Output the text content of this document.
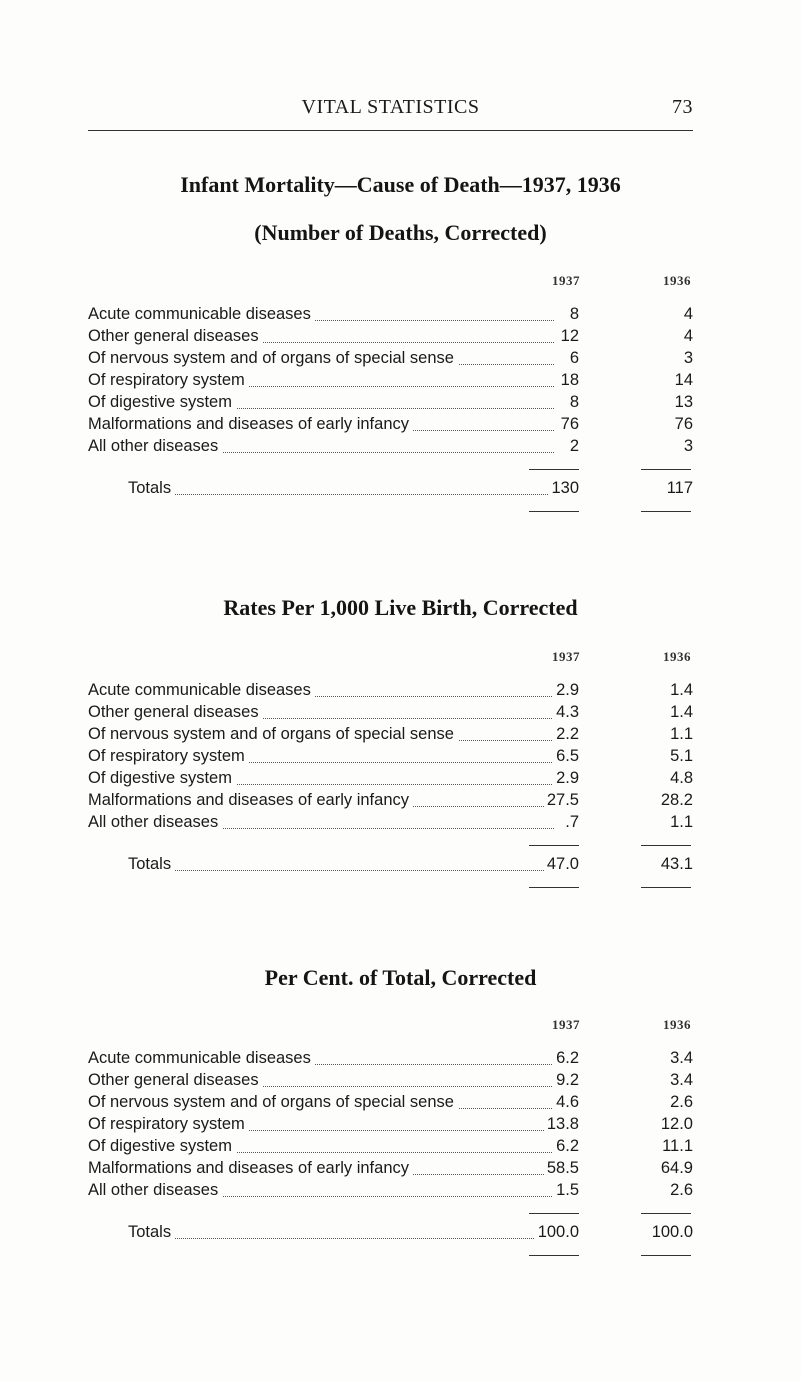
VITAL STATISTICS	73
Infant Mortality—Cause of Death—1937, 1936
(Number of Deaths, Corrected)
1937	1936
Acute communicable diseases	8	4
Other general diseases	12	4
Of nervous system and of organs of special sense	6	3
Of respiratory system	18	14
Of digestive system	8	13
Malformations and diseases of early infancy	76	76
All other diseases	2	3
Totals	130	117
Rates Per 1,000 Live Birth, Corrected
1937	1936
Acute communicable diseases	2.9	1.4
Other general diseases	4.3	1.4
Of nervous system and of organs of special sense	2.2	1.1
Of respiratory system	6.5	5.1
Of digestive system	2.9	4.8
Malformations and diseases of early infancy	27.5	28.2
All other diseases	.7	1.1
Totals	47.0	43.1
Per Cent. of Total, Corrected
1937	1936
Acute communicable diseases	6.2	3.4
Other general diseases	9.2	3.4
Of nervous system and of organs of special sense	4.6	2.6
Of respiratory system	13.8	12.0
Of digestive system	6.2	11.1
Malformations and diseases of early infancy	58.5	64.9
All other diseases	1.5	2.6
Totals	100.0	100.0
